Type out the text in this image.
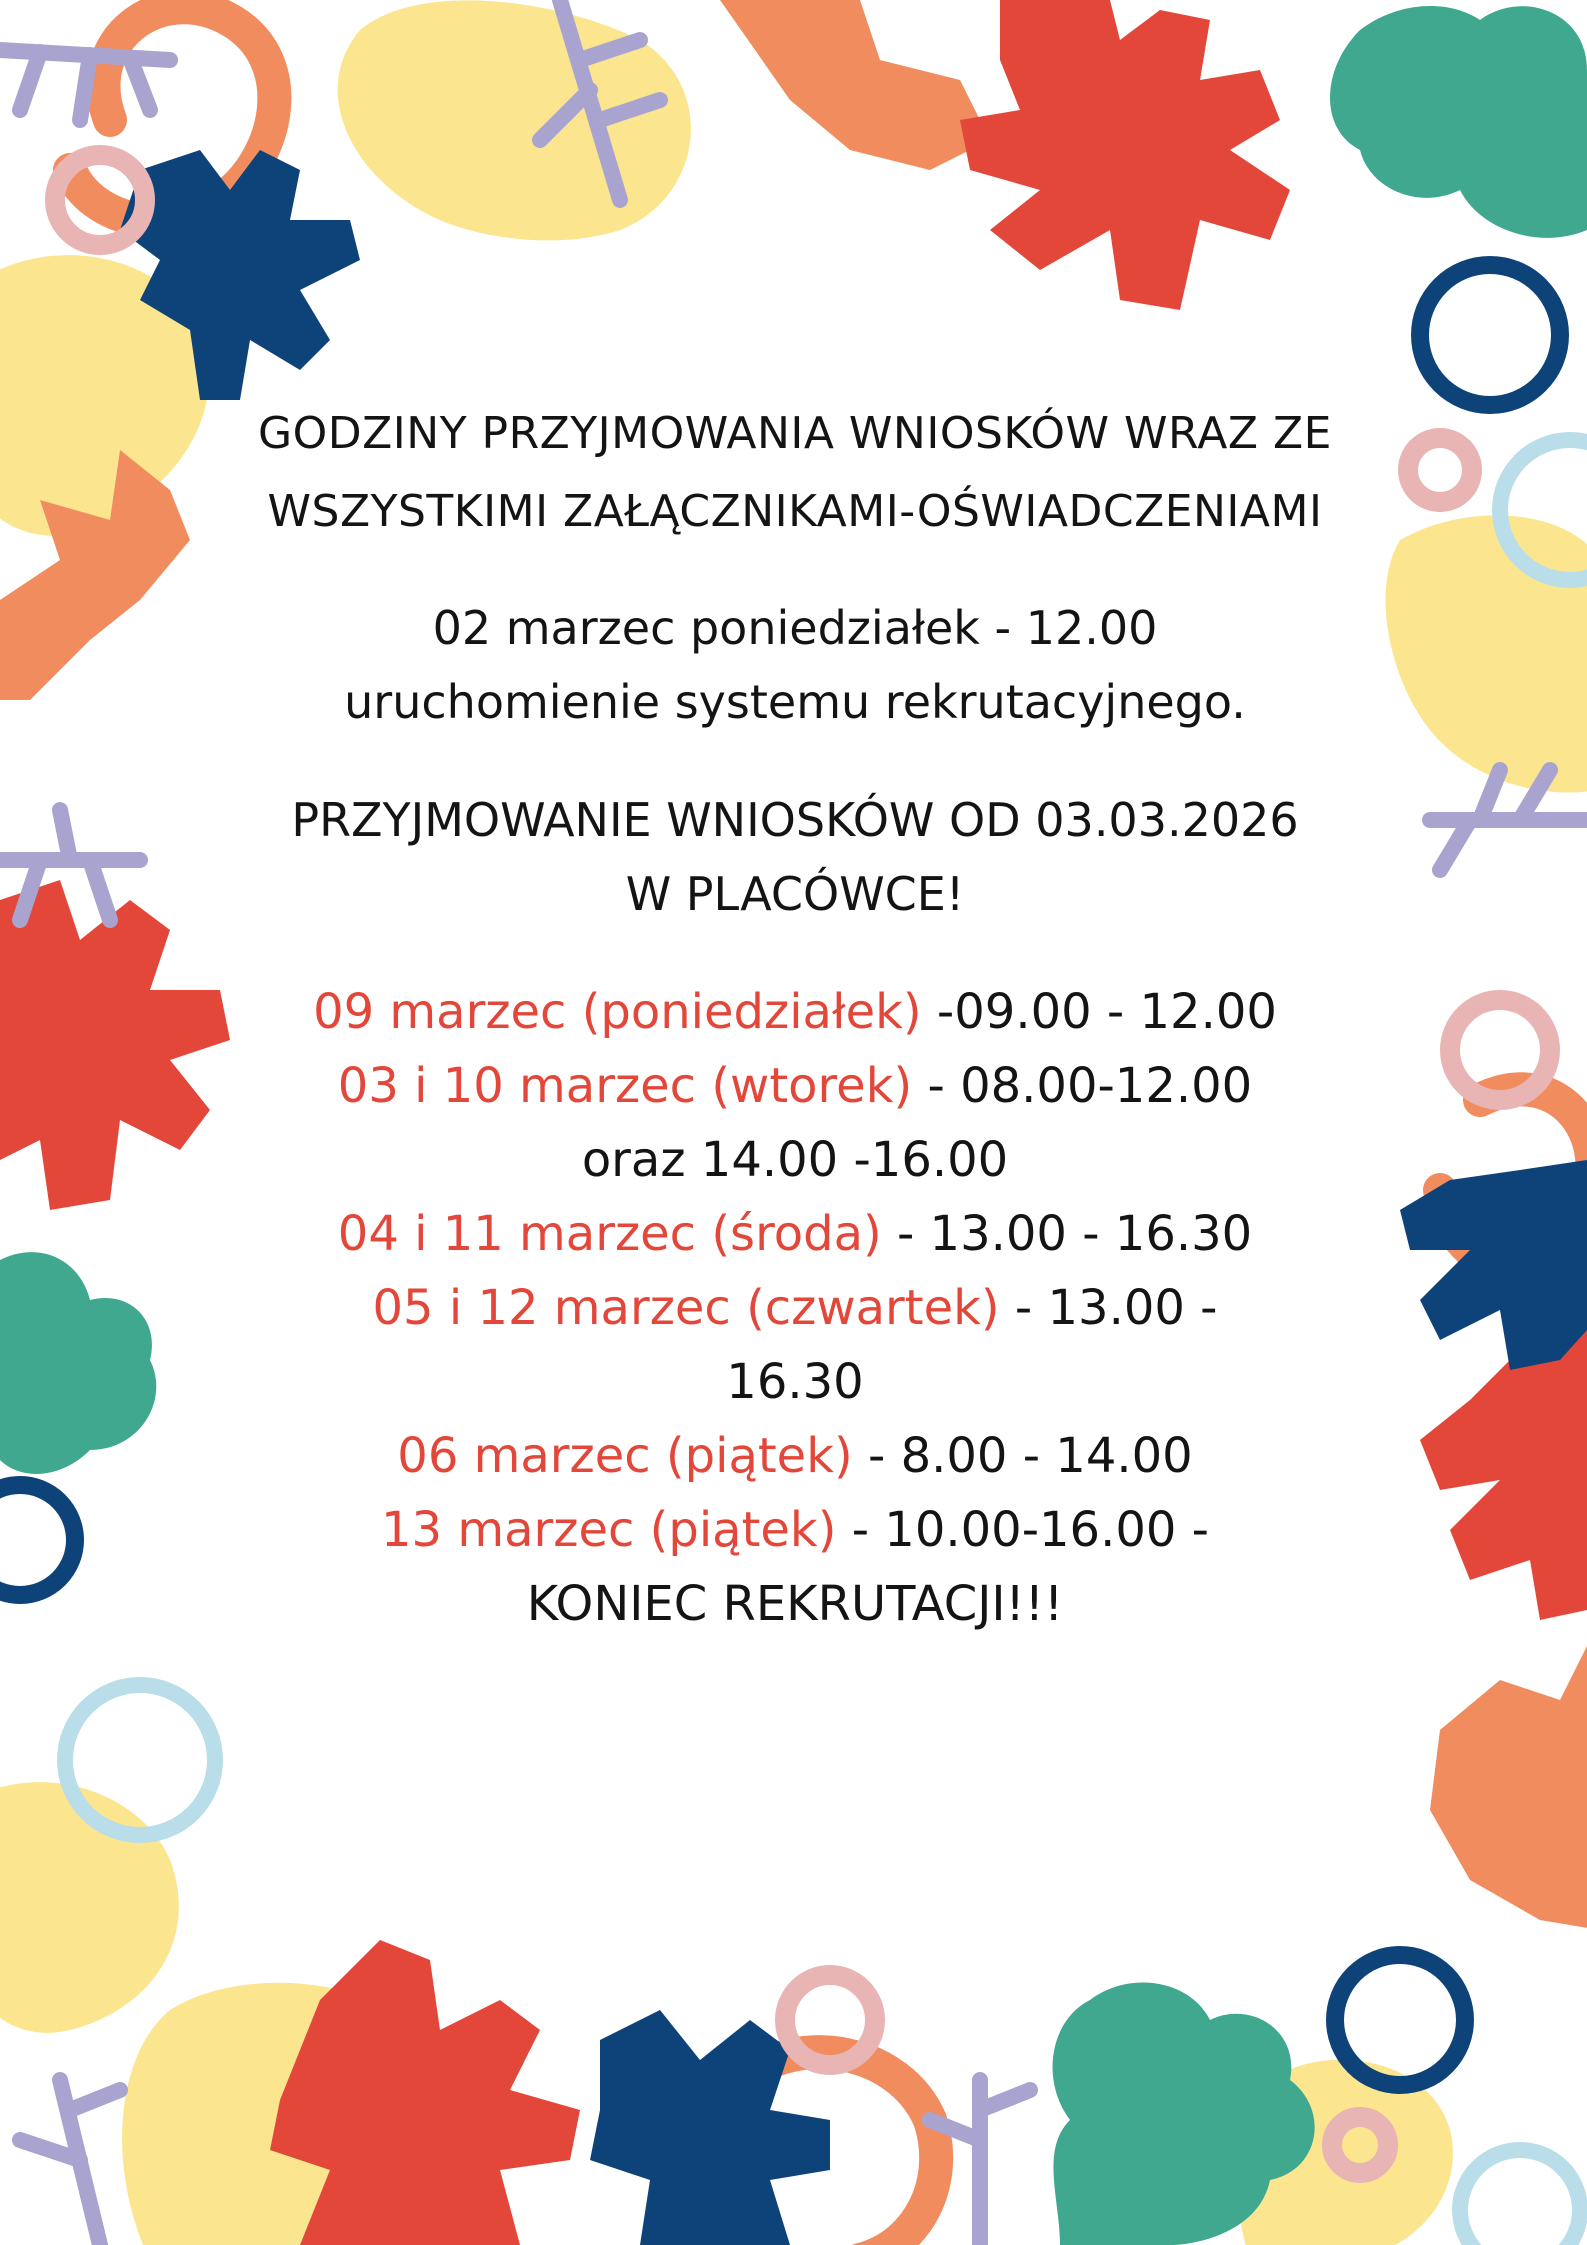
GODZINY PRZYJMOWANIA WNIOSKÓW WRAZ ZE
WSZYSTKIMI ZAŁĄCZNIKAMI-OŚWIADCZENIAMI
02 marzec poniedziałek - 12.00
uruchomienie systemu rekrutacyjnego.
PRZYJMOWANIE WNIOSKÓW OD 03.03.2026
W PLACÓWCE!
09 marzec (poniedziałek) -09.00 - 12.00
03 i 10 marzec (wtorek) - 08.00-12.00
oraz 14.00 -16.00
04 i 11 marzec (środa) - 13.00 - 16.30
05 i 12 marzec (czwartek) - 13.00 -
16.30
06 marzec (piątek) - 8.00 - 14.00
13 marzec (piątek) - 10.00-16.00 -
KONIEC REKRUTACJI!!!
